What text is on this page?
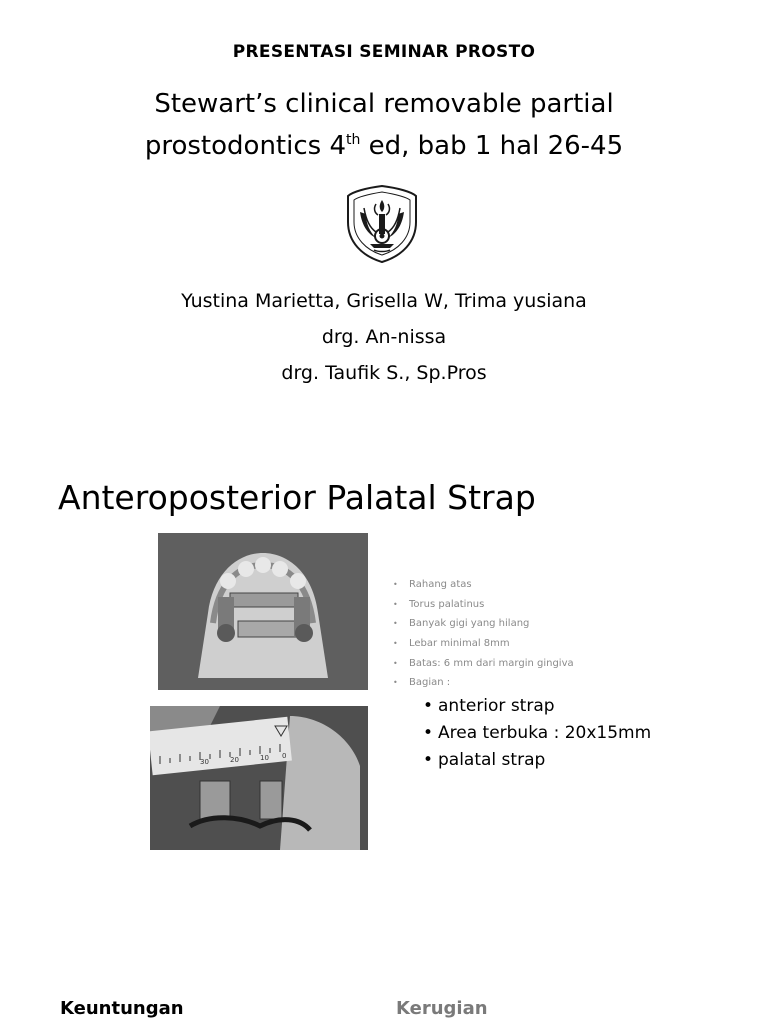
PRESENTASI SEMINAR PROSTO
Stewart’s clinical removable partial
prostodontics 4th ed, bab 1 hal 26-45
Yustina Marietta, Grisella W, Trima yusiana
drg. An-nissa
drg. Taufik S., Sp.Pros
Anteroposterior Palatal Strap
30	20	10 0
• Rahang atas
• Torus palatinus
• Banyak gigi yang hilang
• Lebar minimal 8mm
• Batas: 6 mm dari margin gingiva
• Bagian :
• anterior strap
• Area terbuka : 20x15mm
• palatal strap
Keuntungan	Kerugian
